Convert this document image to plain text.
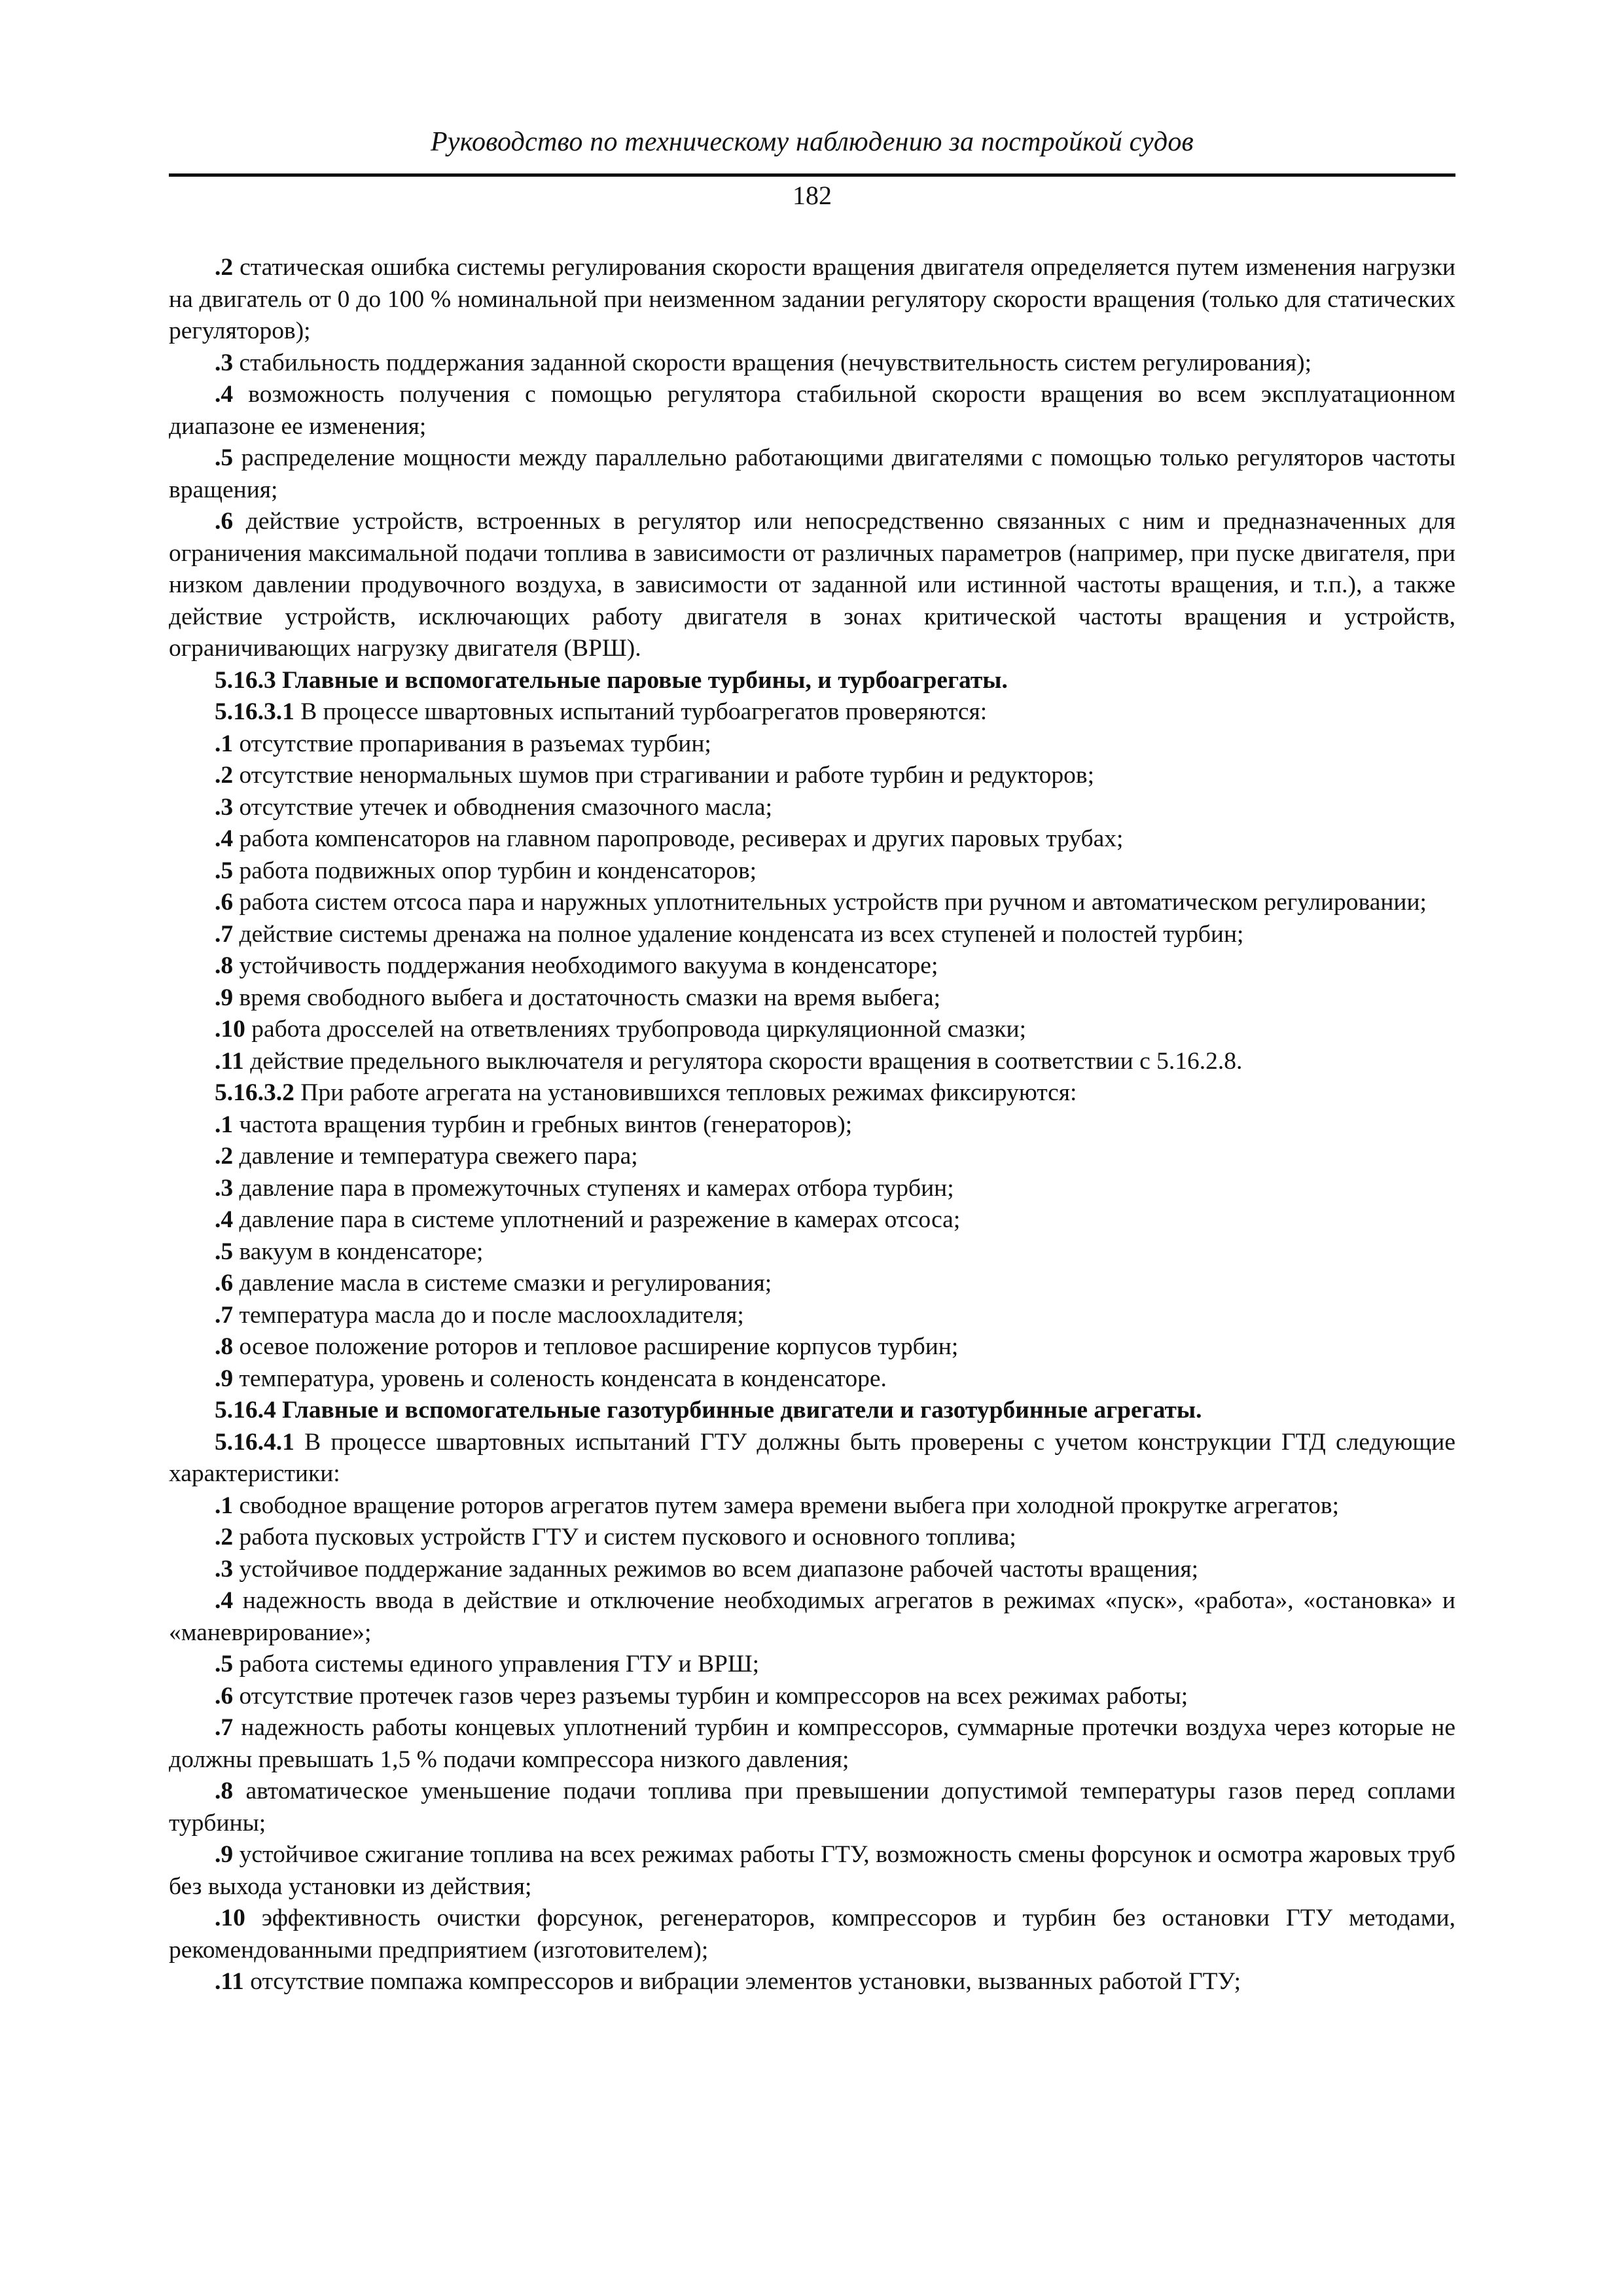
Руководство по техническому наблюдению за постройкой судов
182

.2 статическая ошибка системы регулирования скорости вращения двигателя определяется путем изменения нагрузки на двигатель от 0 до 100 % номинальной при неизменном задании регулятору скорости вращения (только для статических регуляторов);

.3 стабильность поддержания заданной скорости вращения (нечувствительность систем регулирования);

.4 возможность получения с помощью регулятора стабильной скорости вращения во всем эксплуатационном диапазоне ее изменения;

.5 распределение мощности между параллельно работающими двигателями с помощью только регуляторов частоты вращения;

.6 действие устройств, встроенных в регулятор или непосредственно связанных с ним и предназначенных для ограничения максимальной подачи топлива в зависимости от различных параметров (например, при пуске двигателя, при низком давлении продувочного воздуха, в зависимости от заданной или истинной частоты вращения, и т.п.), а также действие устройств, исключающих работу двигателя в зонах критической частоты вращения и устройств, ограничивающих нагрузку двигателя (ВРШ).

5.16.3 Главные и вспомогательные паровые турбины, и турбоагрегаты.

5.16.3.1 В процессе швартовных испытаний турбоагрегатов проверяются:

.1 отсутствие пропаривания в разъемах турбин;

.2 отсутствие ненормальных шумов при страгивании и работе турбин и редукторов;

.3 отсутствие утечек и обводнения смазочного масла;

.4 работа компенсаторов на главном паропроводе, ресиверах и других паровых трубах;

.5 работа подвижных опор турбин и конденсаторов;

.6 работа систем отсоса пара и наружных уплотнительных устройств при ручном и автоматическом регулировании;

.7 действие системы дренажа на полное удаление конденсата из всех ступеней и полостей турбин;

.8 устойчивость поддержания необходимого вакуума в конденсаторе;

.9 время свободного выбега и достаточность смазки на время выбега;

.10 работа дросселей на ответвлениях трубопровода циркуляционной смазки;

.11 действие предельного выключателя и регулятора скорости вращения в соответствии с 5.16.2.8.

5.16.3.2 При работе агрегата на установившихся тепловых режимах фиксируются:

.1 частота вращения турбин и гребных винтов (генераторов);

.2 давление и температура свежего пара;

.3 давление пара в промежуточных ступенях и камерах отбора турбин;

.4 давление пара в системе уплотнений и разрежение в камерах отсоса;

.5 вакуум в конденсаторе;

.6 давление масла в системе смазки и регулирования;

.7 температура масла до и после маслоохладителя;

.8 осевое положение роторов и тепловое расширение корпусов турбин;

.9 температура, уровень и соленость конденсата в конденсаторе.

5.16.4 Главные и вспомогательные газотурбинные двигатели и газотурбинные агрегаты.

5.16.4.1 В процессе швартовных испытаний ГТУ должны быть проверены с учетом конструкции ГТД следующие характеристики:

.1 свободное вращение роторов агрегатов путем замера времени выбега при холодной прокрутке агрегатов;

.2 работа пусковых устройств ГТУ и систем пускового и основного топлива;

.3 устойчивое поддержание заданных режимов во всем диапазоне рабочей частоты вращения;

.4 надежность ввода в действие и отключение необходимых агрегатов в режимах «пуск», «работа», «остановка» и «маневрирование»;

.5 работа системы единого управления ГТУ и ВРШ;

.6 отсутствие протечек газов через разъемы турбин и компрессоров на всех режимах работы;

.7 надежность работы концевых уплотнений турбин и компрессоров, суммарные протечки воздуха через которые не должны превышать 1,5 % подачи компрессора низкого давления;

.8 автоматическое уменьшение подачи топлива при превышении допустимой температуры газов перед соплами турбины;

.9 устойчивое сжигание топлива на всех режимах работы ГТУ, возможность смены форсунок и осмотра жаровых труб без выхода установки из действия;

.10 эффективность очистки форсунок, регенераторов, компрессоров и турбин без остановки ГТУ методами, рекомендованными предприятием (изготовителем);

.11 отсутствие помпажа компрессоров и вибрации элементов установки, вызванных работой ГТУ;
